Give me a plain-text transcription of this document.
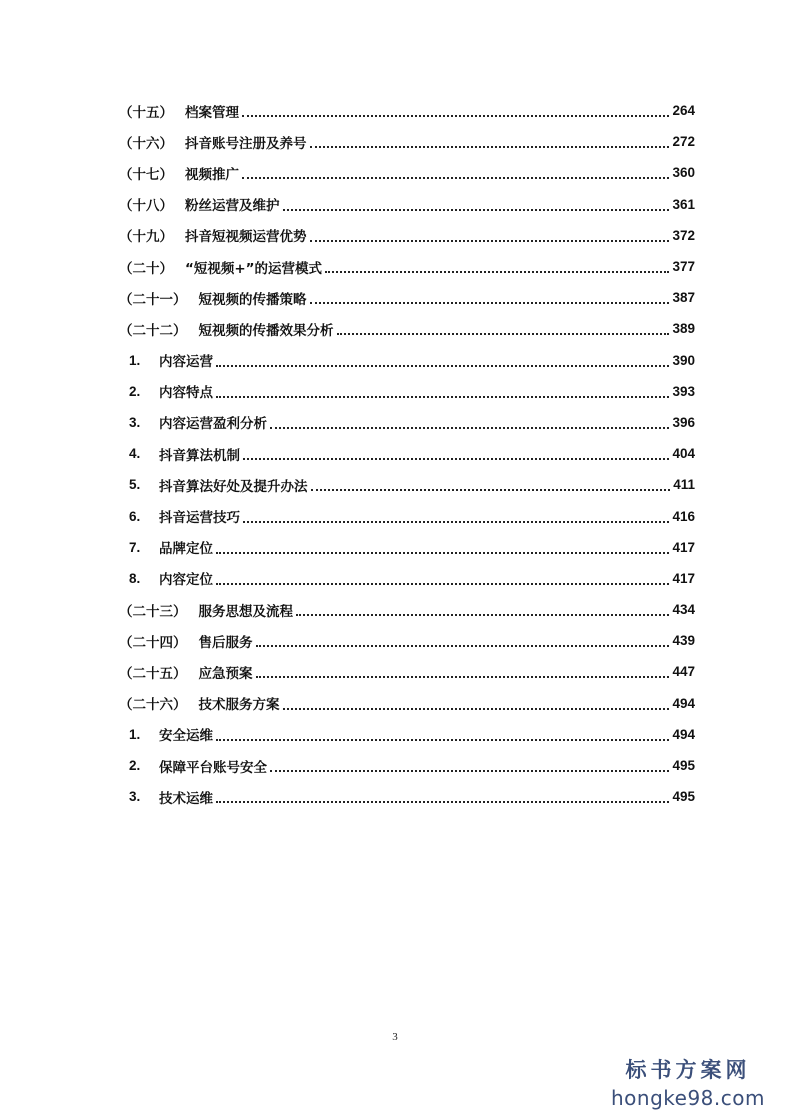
（十五） 档案管理	264
（十六） 抖音账号注册及养号	272
（十七） 视频推广	360
（十八） 粉丝运营及维护	361
（十九） 抖音短视频运营优势	372
（二十） “短视频+”的运营模式	377
（二十一） 短视频的传播策略	387
（二十二） 短视频的传播效果分析	389
1.	内容运营	390
2.	内容特点	393
3.	内容运营盈利分析	396
4.	抖音算法机制	404
5.	抖音算法好处及提升办法	411
6.	抖音运营技巧	416
7.	品牌定位	417
8.	内容定位	417
（二十三） 服务思想及流程	434
（二十四） 售后服务	439
（二十五） 应急预案	447
（二十六） 技术服务方案	494
1.	安全运维	494
2.	保障平台账号安全	495
3.	技术运维	495
3
标书方案网
hongke98.com
